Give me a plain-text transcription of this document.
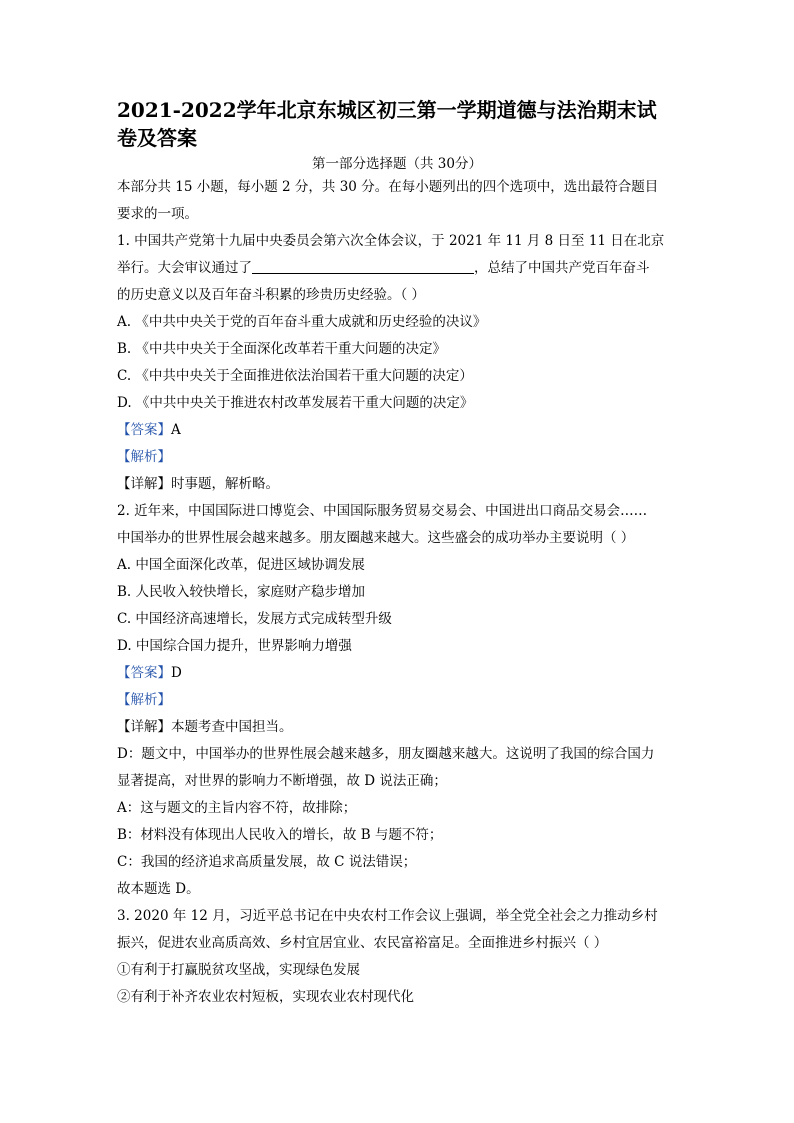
2021-2022学年北京东城区初三第一学期道德与法治期末试
卷及答案
第一部分选择题（共 30分）
本部分共 15 小题，每小题 2 分，共 30 分。在每小题列出的四个选项中，选出最符合题目
要求的一项。
1. 中国共产党第十九届中央委员会第六次全体会议，于 2021 年 11 月 8 日至 11 日在北京
举行。大会审议通过了	，总结了中国共产党百年奋斗
的历史意义以及百年奋斗积累的珍贵历史经验。（ ）
A. 《中共中央关于党的百年奋斗重大成就和历史经验的决议》
B. 《中共中央关于全面深化改革若干重大问题的决定》
C. 《中共中央关于全面推进依法治国若干重大问题的决定）
D. 《中共中央关于推进农村改革发展若干重大问题的决定》
【答案】A
【解析】
【详解】时事题，解析略。
2. 近年来，中国国际进口博览会、中国国际服务贸易交易会、中国进出口商品交易会……
中国举办的世界性展会越来越多。朋友圈越来越大。这些盛会的成功举办主要说明（ ）
A. 中国全面深化改革，促进区域协调发展
B. 人民收入较快增长，家庭财产稳步增加
C. 中国经济高速增长，发展方式完成转型升级
D. 中国综合国力提升，世界影响力增强
【答案】D
【解析】
【详解】本题考查中国担当。
D：题文中，中国举办的世界性展会越来越多，朋友圈越来越大。这说明了我国的综合国力
显著提高，对世界的影响力不断增强，故 D 说法正确；
A：这与题文的主旨内容不符，故排除；
B：材料没有体现出人民收入的增长，故 B 与题不符；
C：我国的经济追求高质量发展，故 C 说法错误；
故本题选 D。
3. 2020 年 12 月，习近平总书记在中央农村工作会议上强调，举全党全社会之力推动乡村
振兴，促进农业高质高效、乡村宜居宜业、农民富裕富足。全面推进乡村振兴（ ）
①有利于打赢脱贫攻坚战，实现绿色发展
②有利于补齐农业农村短板，实现农业农村现代化
